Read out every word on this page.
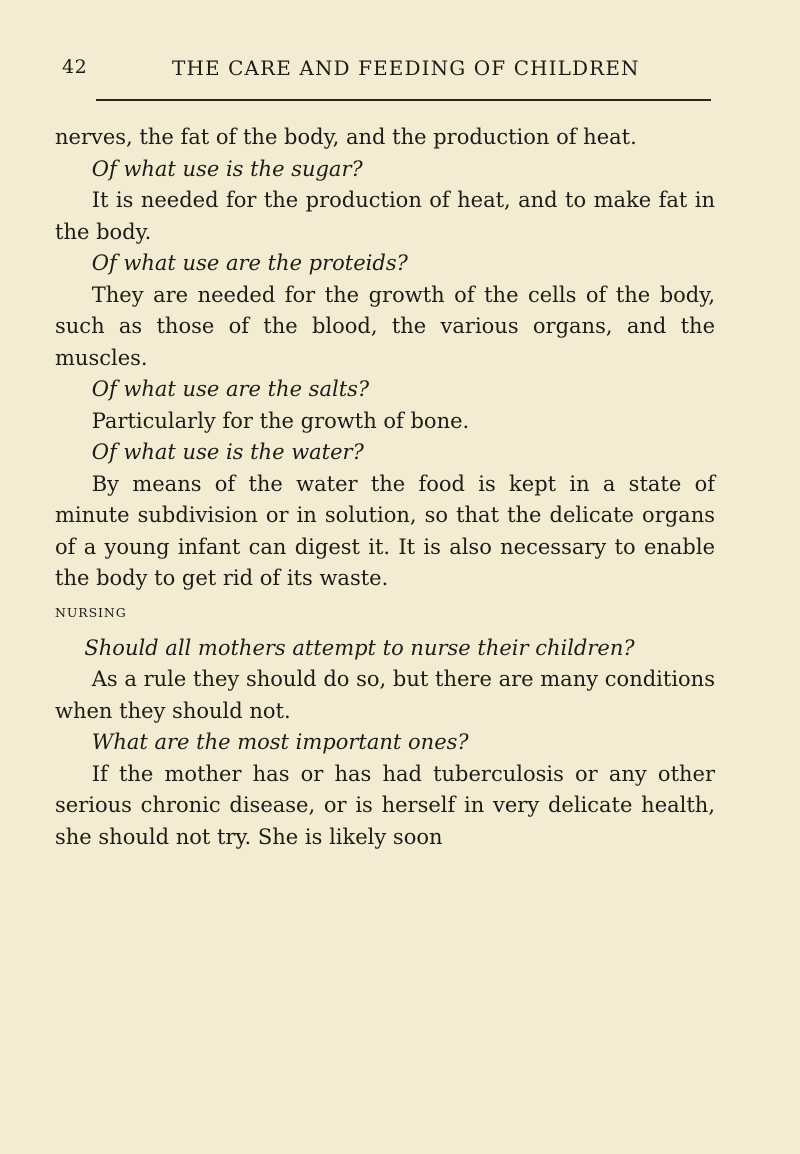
42	THE CARE AND FEEDING OF CHILDREN

nerves, the fat of the body, and the production of heat.

Of what use is the sugar?

It is needed for the production of heat, and to make fat in the body.

Of what use are the proteids?

They are needed for the growth of the cells of the body, such as those of the blood, the various organs, and the muscles.

Of what use are the salts?

Particularly for the growth of bone.

Of what use is the water?

By means of the water the food is kept in a state of minute subdivision or in solution, so that the delicate organs of a young infant can digest it. It is also necessary to enable the body to get rid of its waste.

NURSING

Should all mothers attempt to nurse their children?

As a rule they should do so, but there are many conditions when they should not.

What are the most important ones?

If the mother has or has had tuberculosis or any other serious chronic disease, or is herself in very delicate health, she should not try. She is likely soon
